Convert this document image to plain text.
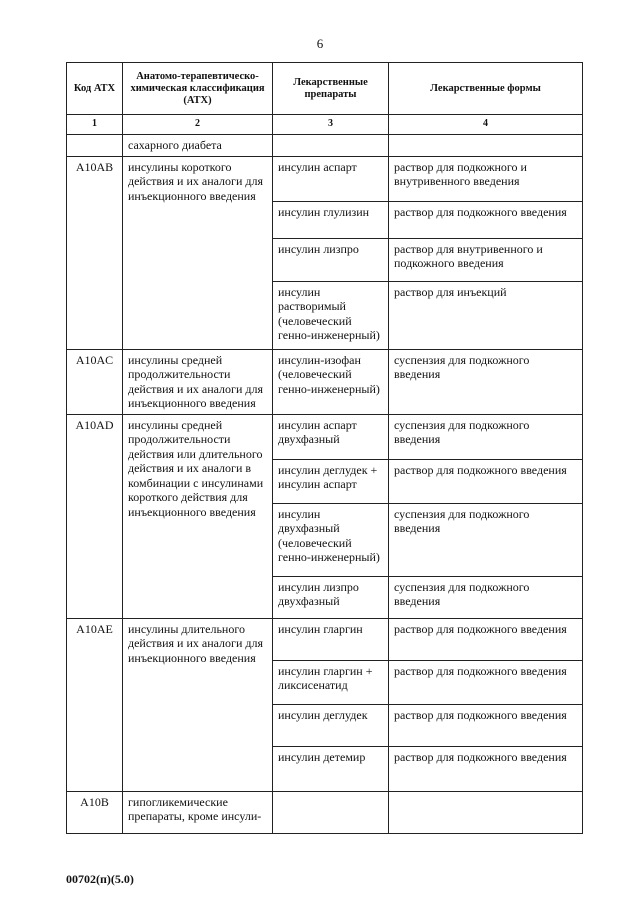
6
Код АТХ	Анатомо-терапевтическо-химическая классификация (АТХ)	Лекарственные препараты	Лекарственные формы
1	2	3	4
	сахарного диабета		
A10AB	инсулины короткого действия и их аналоги для инъекционного введения	инсулин аспарт	раствор для подкожного и внутривенного введения
		инсулин глулизин	раствор для подкожного введения
		инсулин лизпро	раствор для внутривенного и подкожного введения
		инсулин растворимый (человеческий генно-инженерный)	раствор для инъекций
A10AC	инсулины средней продолжительности действия и их аналоги для инъекционного введения	инсулин-изофан (человеческий генно-инженерный)	суспензия для подкожного введения
A10AD	инсулины средней продолжительности действия или длительного действия и их аналоги в комбинации с инсулинами короткого действия для инъекционного введения	инсулин аспарт двухфазный	суспензия для подкожного введения
		инсулин деглудек + инсулин аспарт	раствор для подкожного введения
		инсулин двухфазный (человеческий генно-инженерный)	суспензия для подкожного введения
		инсулин лизпро двухфазный	суспензия для подкожного введения
A10AE	инсулины длительного действия и их аналоги для инъекционного введения	инсулин гларгин	раствор для подкожного введения
		инсулин гларгин + ликсисенатид	раствор для подкожного введения
		инсулин деглудек	раствор для подкожного введения
		инсулин детемир	раствор для подкожного введения
A10B	гипогликемические препараты, кроме инсули-		
00702(п)(5.0)
